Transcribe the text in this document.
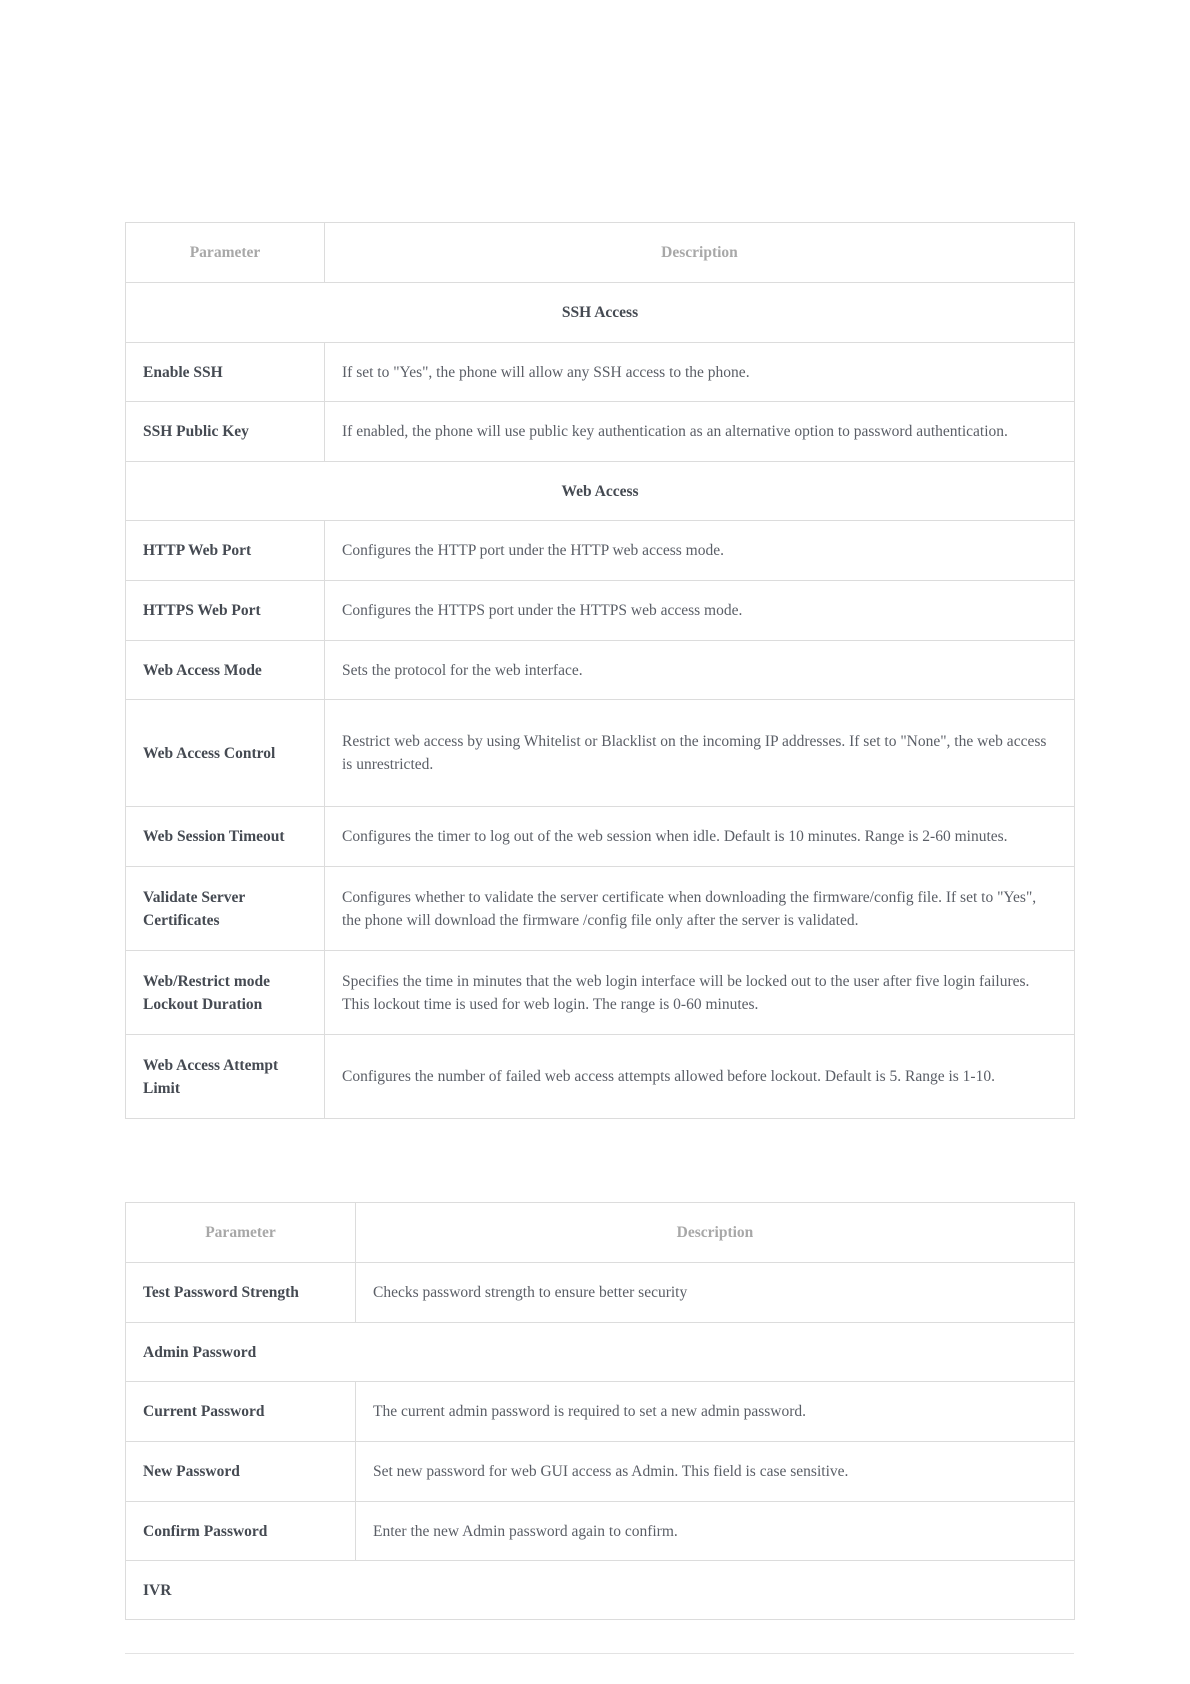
Parameter	Description
SSH Access	
Enable SSH	If set to "Yes", the phone will allow any SSH access to the phone.
SSH Public Key	If enabled, the phone will use public key authentication as an alternative option to password authentication.
Web Access	
HTTP Web Port	Configures the HTTP port under the HTTP web access mode.
HTTPS Web Port	Configures the HTTPS port under the HTTPS web access mode.
Web Access Mode	Sets the protocol for the web interface.
Web Access Control	Restrict web access by using Whitelist or Blacklist on the incoming IP addresses. If set to "None", the web access is unrestricted.
Web Session Timeout	Configures the timer to log out of the web session when idle. Default is 10 minutes. Range is 2-60 minutes.
Validate Server Certificates	Configures whether to validate the server certificate when downloading the firmware/config file. If set to "Yes", the phone will download the firmware /config file only after the server is validated.
Web/Restrict mode Lockout Duration	Specifies the time in minutes that the web login interface will be locked out to the user after five login failures. This lockout time is used for web login. The range is 0-60 minutes.
Web Access Attempt Limit	Configures the number of failed web access attempts allowed before lockout. Default is 5. Range is 1-10.
Parameter	Description
Test Password Strength	Checks password strength to ensure better security
Admin Password	
Current Password	The current admin password is required to set a new admin password.
New Password	Set new password for web GUI access as Admin. This field is case sensitive.
Confirm Password	Enter the new Admin password again to confirm.
IVR	
